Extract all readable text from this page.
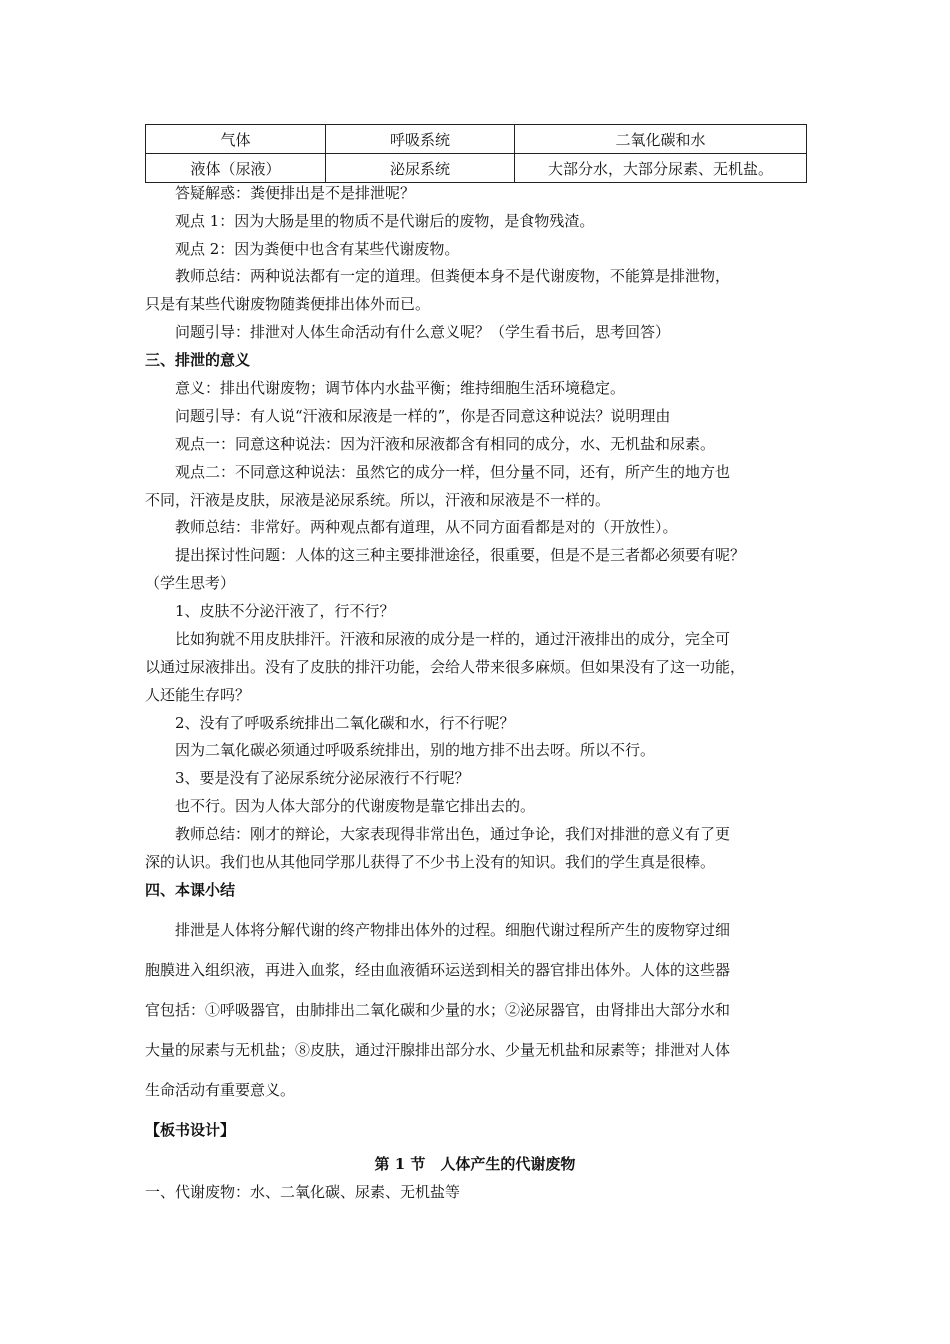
气体	呼吸系统	二氧化碳和水
液体（尿液）	泌尿系统	大部分水，大部分尿素、无机盐。
答疑解惑：粪便排出是不是排泄呢？
观点 1：因为大肠是里的物质不是代谢后的废物，是食物残渣。
观点 2：因为粪便中也含有某些代谢废物。
教师总结：两种说法都有一定的道理。但粪便本身不是代谢废物，不能算是排泄物，
只是有某些代谢废物随粪便排出体外而已。
问题引导：排泄对人体生命活动有什么意义呢？（学生看书后，思考回答）
三、排泄的意义
意义：排出代谢废物；调节体内水盐平衡；维持细胞生活环境稳定。
问题引导：有人说“汗液和尿液是一样的”，你是否同意这种说法？说明理由
观点一：同意这种说法：因为汗液和尿液都含有相同的成分，水、无机盐和尿素。
观点二：不同意这种说法：虽然它的成分一样，但分量不同，还有，所产生的地方也
不同，汗液是皮肤，尿液是泌尿系统。所以，汗液和尿液是不一样的。
教师总结：非常好。两种观点都有道理，从不同方面看都是对的（开放性）。
提出探讨性问题：人体的这三种主要排泄途径，很重要，但是不是三者都必须要有呢？
（学生思考）
1、皮肤不分泌汗液了，行不行？
比如狗就不用皮肤排汗。汗液和尿液的成分是一样的，通过汗液排出的成分，完全可
以通过尿液排出。没有了皮肤的排汗功能，会给人带来很多麻烦。但如果没有了这一功能，
人还能生存吗？
2、没有了呼吸系统排出二氧化碳和水，行不行呢？
因为二氧化碳必须通过呼吸系统排出，别的地方排不出去呀。所以不行。
3、要是没有了泌尿系统分泌尿液行不行呢？
也不行。因为人体大部分的代谢废物是靠它排出去的。
教师总结：刚才的辩论，大家表现得非常出色，通过争论，我们对排泄的意义有了更
深的认识。我们也从其他同学那儿获得了不少书上没有的知识。我们的学生真是很棒。
四、本课小结
排泄是人体将分解代谢的终产物排出体外的过程。细胞代谢过程所产生的废物穿过细
胞膜进入组织液，再进入血浆，经由血液循环运送到相关的器官排出体外。人体的这些器
官包括：①呼吸器官，由肺排出二氧化碳和少量的水；②泌尿器官，由肾排出大部分水和
大量的尿素与无机盐；⑧皮肤，通过汗腺排出部分水、少量无机盐和尿素等；排泄对人体
生命活动有重要意义。
【板书设计】
第 1 节　人体产生的代谢废物
一、代谢废物：水、二氧化碳、尿素、无机盐等
